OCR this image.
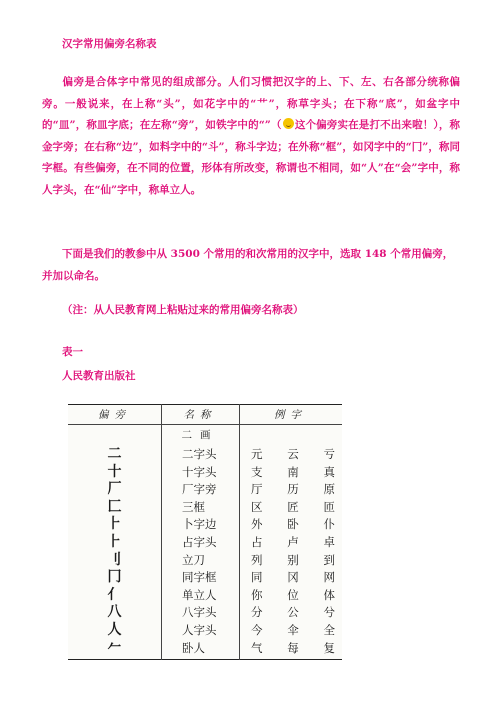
汉字常用偏旁名称表
偏旁是合体字中常见的组成部分。人们习惯把汉字的上、下、左、右各部分统称偏旁。一般说来，在上称“头”，如花字中的“艹”，称草字头；在下称“底”，如盆字中的“皿”，称皿字底；在左称“旁”，如铁字中的“”（ 这个偏旁实在是打不出来啦！），称金字旁；在右称“边”，如料字中的“斗”，称斗字边；在外称“框”，如冈字中的“冂”，称同字框。有些偏旁，在不同的位置，形体有所改变，称谓也不相同，如“人”在“会”字中，称人字头，在“仙”字中，称单立人。
下面是我们的教参中从 3500 个常用的和次常用的汉字中，选取 148 个常用偏旁，并加以命名。
（注：从人民教育网上粘贴过来的常用偏旁名称表）
表一
人民教育出版社
偏旁	名称	例字
二画
二	二字头	元 云 亏
十	十字头	支 南 真
厂	厂字旁	厅 历 原
匚	三框	区 匠 匝
⺊	卜字边	外 卧 仆
⺊	占字头	占 卢 卓
刂	立刀	列 别 到
冂	同字框	同 冈 网
亻	单立人	你 位 体
八	八字头	分 公 兮
人	人字头	今 伞 全
𠂉	卧人	气 每 复
